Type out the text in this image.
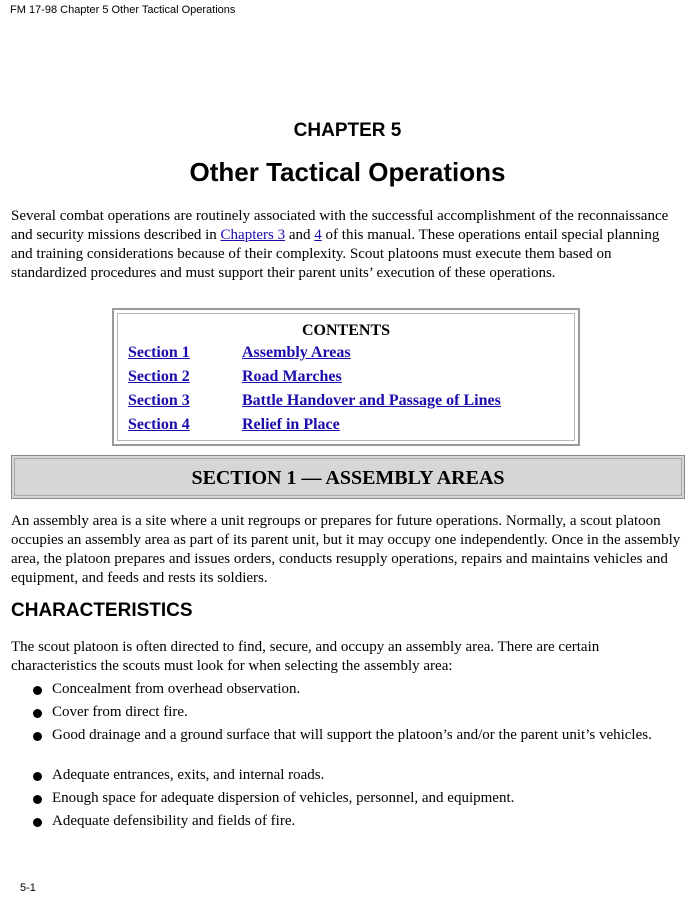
FM 17-98 Chapter 5 Other Tactical Operations
CHAPTER 5
Other Tactical Operations
Several combat operations are routinely associated with the successful accomplishment of the reconnaissance and security missions described in Chapters 3 and 4 of this manual. These operations entail special planning and training considerations because of their complexity. Scout platoons must execute them based on standardized procedures and must support their parent units’ execution of these operations.
CONTENTS
Section 1	Assembly Areas
Section 2	Road Marches
Section 3	Battle Handover and Passage of Lines
Section 4	Relief in Place
SECTION 1 — ASSEMBLY AREAS
An assembly area is a site where a unit regroups or prepares for future operations. Normally, a scout platoon occupies an assembly area as part of its parent unit, but it may occupy one independently. Once in the assembly area, the platoon prepares and issues orders, conducts resupply operations, repairs and maintains vehicles and equipment, and feeds and rests its soldiers.
CHARACTERISTICS
The scout platoon is often directed to find, secure, and occupy an assembly area. There are certain characteristics the scouts must look for when selecting the assembly area:
Concealment from overhead observation.
Cover from direct fire.
Good drainage and a ground surface that will support the platoon’s and/or the parent unit’s vehicles.
Adequate entrances, exits, and internal roads.
Enough space for adequate dispersion of vehicles, personnel, and equipment.
Adequate defensibility and fields of fire.
5-1
